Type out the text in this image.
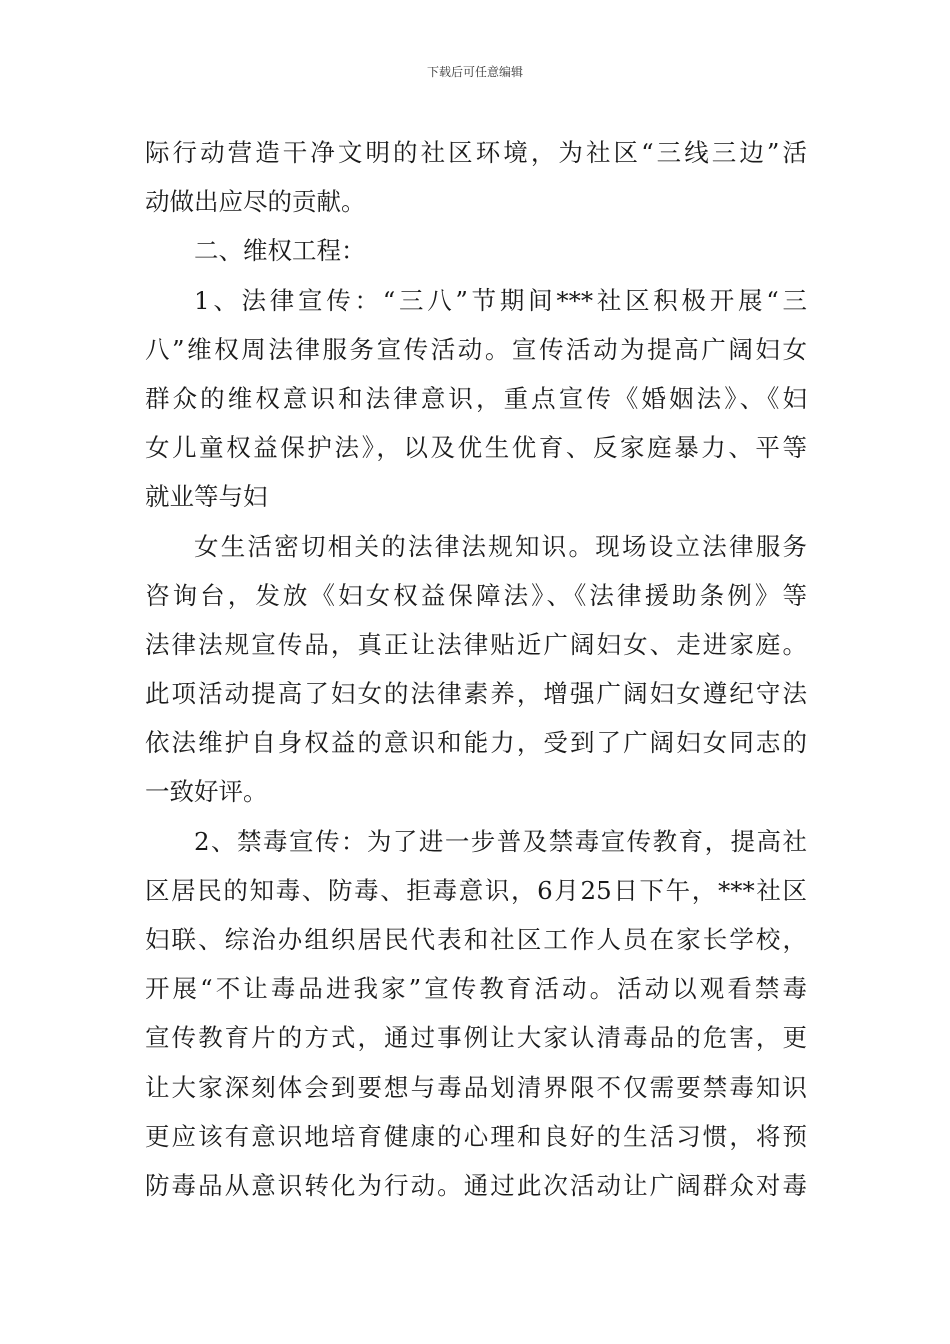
下载后可任意编辑
际行动营造干净文明的社区环境，为社区“三线三边”活
动做出应尽的贡献。
二、维权工程：
1、法律宣传：“三八”节期间***社区积极开展“三
八”维权周法律服务宣传活动。宣传活动为提高广阔妇女
群众的维权意识和法律意识，重点宣传《婚姻法》、《妇
女儿童权益保护法》，以及优生优育、反家庭暴力、平等
就业等与妇
女生活密切相关的法律法规知识。现场设立法律服务
咨询台，发放《妇女权益保障法》、《法律援助条例》等
法律法规宣传品，真正让法律贴近广阔妇女、走进家庭。
此项活动提高了妇女的法律素养，增强广阔妇女遵纪守法
依法维护自身权益的意识和能力，受到了广阔妇女同志的
一致好评。
2、禁毒宣传：为了进一步普及禁毒宣传教育，提高社
区居民的知毒、防毒、拒毒意识，6月25日下午，***社区
妇联、综治办组织居民代表和社区工作人员在家长学校，
开展“不让毒品进我家”宣传教育活动。活动以观看禁毒
宣传教育片的方式，通过事例让大家认清毒品的危害，更
让大家深刻体会到要想与毒品划清界限不仅需要禁毒知识
更应该有意识地培育健康的心理和良好的生活习惯，将预
防毒品从意识转化为行动。通过此次活动让广阔群众对毒
